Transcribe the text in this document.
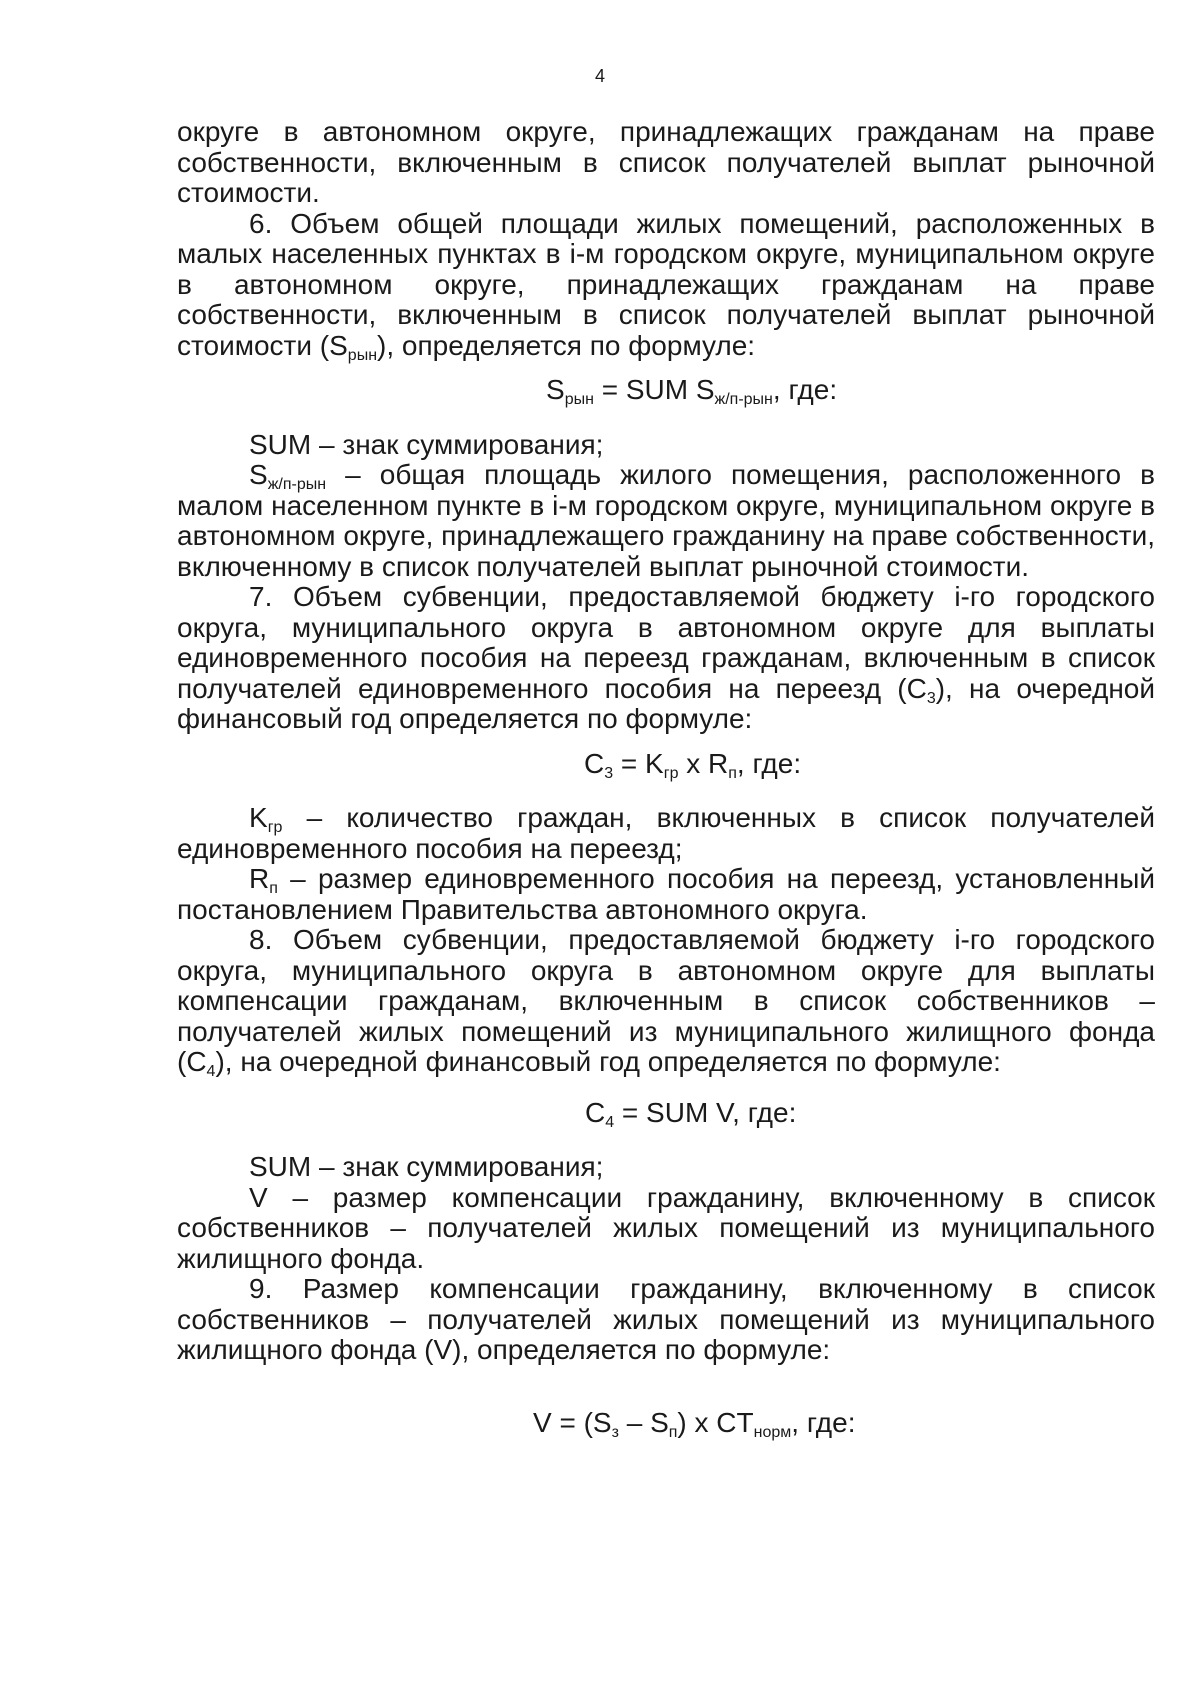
4

округе в автономном округе, принадлежащих гражданам на праве собственности, включенным в список получателей выплат рыночной стоимости.

6. Объем общей площади жилых помещений, расположенных в малых населенных пунктах в i-м городском округе, муниципальном округе в автономном округе, принадлежащих гражданам на праве собственности, включенным в список получателей выплат рыночной стоимости $(S_{рын})$, определяется по формуле:

$S_{рын}$ = SUM $S_{ж/п-рын}$, где:

SUM – знак суммирования;

$S_{ж/п-рын}$ – общая площадь жилого помещения, расположенного в малом населенном пункте в i-м городском округе, муниципальном округе в автономном округе, принадлежащего гражданину на праве собственности, включенному в список получателей выплат рыночной стоимости.

7. Объем субвенции, предоставляемой бюджету i-го городского округа, муниципального округа в автономном округе для выплаты единовременного пособия на переезд гражданам, включенным в список получателей единовременного пособия на переезд $(C_3)$, на очередной финансовый год определяется по формуле:

$C_3 = K_{гр}$ x $R_п$, где:

$K_{гр}$ – количество граждан, включенных в список получателей единовременного пособия на переезд;

$R_п$ – размер единовременного пособия на переезд, установленный постановлением Правительства автономного округа.

8. Объем субвенции, предоставляемой бюджету i-го городского округа, муниципального округа в автономном округе для выплаты компенсации гражданам, включенным в список собственников – получателей жилых помещений из муниципального жилищного фонда $(C_4)$, на очередной финансовый год определяется по формуле:

$C_4$ = SUM V, где:

SUM – знак суммирования;

V – размер компенсации гражданину, включенному в список собственников – получателей жилых помещений из муниципального жилищного фонда.

9. Размер компенсации гражданину, включенному в список собственников – получателей жилых помещений из муниципального жилищного фонда (V), определяется по формуле:

$V = (S_з - S_п)$ x $CT_{норм}$, где:
